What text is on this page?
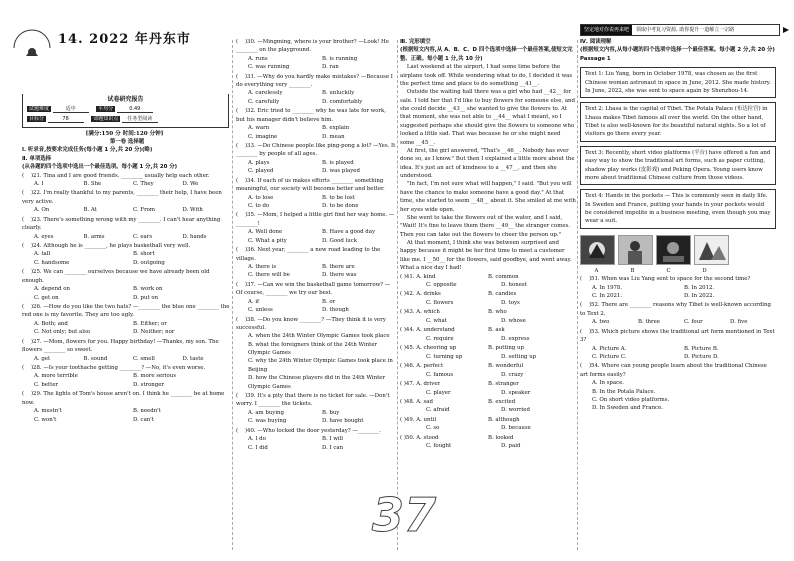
14. 2022 年丹东市
试卷研究报告
试题难度	适中	平均分	0.49
目标分	78	命题知识点 任务型阅读
[满分:150 分 时间:120 分钟]
第一卷 选择题
Ⅰ. 听录音,按要求完成任务(每小题 1 分,共 20 分)(略)
Ⅱ. 单项选择
(从各题的四个选项中选出一个最佳选项。每小题 1 分,共 20 分)
(    )21. Tina and I are good friends. ________ usually help each other.
A. I	B. She	C. They	D. We
(    )22. I'm really thankful to my parents, ________ their help, I have been very active.
A. On	B. At	C. From	D. With
(    )23. There's something wrong with my ________. I can't hear anything clearly.
A. eyes	B. arms	C. ears	D. hands
(    )24. Although he is ________, he plays basketball very well.
A. tall	B. short
C. handsome	D. outgoing
(    )25. We can ________ ourselves because we have already been old enough.
A. depend on	B. work on
C. get on	D. put on
(    )26. —How do you like the two hats? —________ the blue one ________ the red one is my favorite. They are too ugly.
A. Both; and	B. Either; or
C. Not only; but also	D. Neither; nor
(    )27. —Mom, flowers for you. Happy birthday! —Thanks, my son. The flowers ________ so sweet.
A. get	B. sound	C. smell	D. taste
(    )28. —Is your toothache getting ________? —No, it's even worse.
A. more terrible	B. more serious
C. better	D. stronger
(    )29. The lights of Tom's house aren't on. I think he ________ be at home now.
A. mustn't	B. needn't
C. won't	D. can't
(    )30. —Mingming, where is your brother? —Look! He ________ on the playground.
A. runs	B. is running
C. was running	D. ran
(    )31. —Why do you hardly make mistakes? —Because I do everything very ________.
A. carelessly	B. unluckily
C. carefully	D. comfortably
(    )32. Eric tried to ________ why he was late for work, but his manager didn't believe him.
A. warn	B. explain
C. imagine	D. mean
(    )33. —Do Chinese people like ping-pong a lot? —Yes. It ________ by people of all ages.
A. plays	B. is played
C. played	D. was played
(    )34. If each of us makes efforts ________ something meaningful, our society will become better and better.
A. to lose	B. to be lost
C. to do	D. to be done
(    )35. —Mom, I helped a little girl find her way home. —________!
A. Well done	B. Have a good day
C. What a pity	D. Good luck
(    )36. Next year, ________ a new road leading to the village.
A. there is	B. there are
C. there will be	D. there was
(    )37. —Can we win the basketball game tomorrow? —Of course, ________ we try our best.
A. if	B. or
C. unless	D. though
(    )38. —Do you know ________? —They think it is very successful.
A. when the 24th Winter Olympic Games took place
B. what the foreigners think of the 24th Winter Olympic Games
C. why the 24th Winter Olympic Games took place in Beijing
D. how the Chinese players did in the 24th Winter Olympic Games
(    )39. It's a pity that there is no ticket for sale. —Don't worry. I ________ the tickets.
A. am buying	B. buy
C. was buying	D. have bought
(    )40. —Who locked the door yesterday? —________.
A. I do	B. I will
C. I did	D. I can
Ⅲ. 完形填空
(根据短文内容,从 A、B、C、D 四个选项中选择一个最佳答案,使短文完整、正确。每小题 1 分,共 10 分)
Last weekend at the airport, I had some time before the airplane took off. While wondering what to do, I decided it was the perfect time and place to do something __41__.
Outside the waiting hall there was a girl who had __42__ for sale. I told her that I'd like to buy flowers for someone else, and she could decide __43__ she wanted to give the flowers to. At that moment, she was not able to __44__ what I meant, so I suggested perhaps she should give the flowers to someone who looked a little sad. That was because he or she might need some __45__.
At first, the girl answered, "That's __46__. Nobody has ever done so, as I know." But then I explained a little more about the idea. It's just an act of kindness to a __47__, and then she understood.
"In fact, I'm not sure what will happen," I said. "But you will have the chance to make someone have a good day." At that time, she started to seem __48__ about it. She smiled at me with her eyes wide open.
She went to take the flowers out of the water, and I said, "Wait! It's fine to leave them there __49__ the stranger comes. Then you can take out the flowers to cheer the person up."
At that moment, I think she was between surprised and happy because it might be her first time to meet a customer like me. I __50__ for the flowers, said goodbye, and went away. What a nice day I had!
( )41. A. kind	B. common
C. opposite	D. honest
( )42. A. drinks	B. candies
C. flowers	D. toys
( )43. A. which	B. who
C. what	D. whose
( )44. A. understand	B. ask
C. require	D. express
( )45. A. cheering up	B. putting up
C. turning up	D. setting up
( )46. A. perfect	B. wonderful
C. famous	D. crazy
( )47. A. driver	B. stranger
C. player	D. speaker
( )48. A. sad	B. excited
C. afraid	D. worried
( )49. A. until	B. although
C. so	D. because
( )50. A. stood	B. looked
C. fought	D. paid
坚定地对你说再来吧 领取中考复习资源, 助你提升一道解立一宗路
Ⅳ. 阅读理解
(根据短文内容,从每小题的四个选项中选择一个最佳答案。每小题 2 分,共 20 分)
Passage 1
Text 1: Liu Yang, born in October 1978, was chosen as the first Chinese woman astronaut in space in June, 2012. She made history. In June, 2022, she was sent to space again by Shenzhou-14.
Text 2: Lhasa is the capital of Tibet. The Potala Palace (布达拉宫) in Lhasa makes Tibet famous all over the world. On the other hand, Tibet is also well-known for its beautiful natural sights. So a lot of visitors go there every year.
Text 3: Recently, short video platforms (平台) have offered a fun and easy way to show the traditional art forms, such as paper cutting, shadow play works (皮影戏) and Peking Opera. Young users know more about traditional Chinese culture from those videos.
Text 4: Hands in the pockets — This is commonly seen in daily life. In Sweden and France, putting your hands in your pockets would be considered impolite in a business meeting, even though you may wear a suit.
A	B	C	D
(    )51. When was Liu Yang sent to space for the second time?
A. In 1978.	B. In 2012.
C. In 2021.	D. In 2022.
(    )52. There are ________ reasons why Tibet is well-known according to Text 2.
A. two	B. three	C. four	D. five
(    )53. Which picture shows the traditional art form mentioned in Text 3?
A. Picture A.	B. Picture B.
C. Picture C.	D. Picture D.
(    )54. Where can young people learn about the traditional Chinese art forms easily?
A. In space.
B. In the Potala Palace.
C. On short video platforms.
D. In Sweden and France.
37
